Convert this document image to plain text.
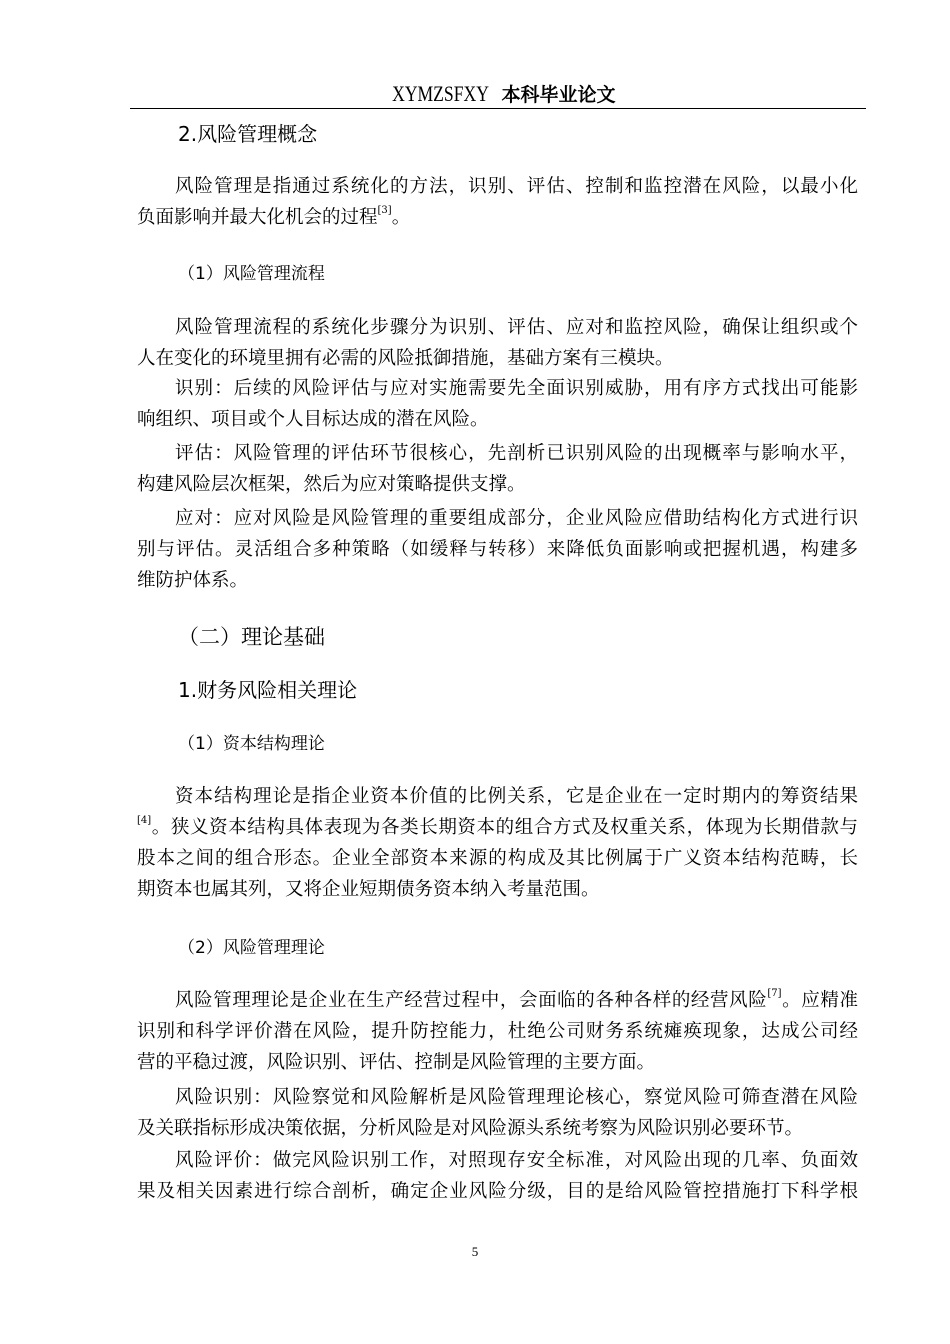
XYMZSFXY 本科毕业论文
2.风险管理概念
风险管理是指通过系统化的方法，识别、评估、控制和监控潜在风险，以最小化
负面影响并最大化机会的过程[3]。
（1）风险管理流程
风险管理流程的系统化步骤分为识别、评估、应对和监控风险，确保让组织或个
人在变化的环境里拥有必需的风险抵御措施，基础方案有三模块。
识别：后续的风险评估与应对实施需要先全面识别威胁，用有序方式找出可能影
响组织、项目或个人目标达成的潜在风险。
评估：风险管理的评估环节很核心，先剖析已识别风险的出现概率与影响水平，
构建风险层次框架，然后为应对策略提供支撑。
应对：应对风险是风险管理的重要组成部分，企业风险应借助结构化方式进行识
别与评估。灵活组合多种策略（如缓释与转移）来降低负面影响或把握机遇，构建多
维防护体系。
（二）理论基础
1.财务风险相关理论
（1）资本结构理论
资本结构理论是指企业资本价值的比例关系，它是企业在一定时期内的筹资结果
[4]。狭义资本结构具体表现为各类长期资本的组合方式及权重关系，体现为长期借款与
股本之间的组合形态。企业全部资本来源的构成及其比例属于广义资本结构范畴，长
期资本也属其列，又将企业短期债务资本纳入考量范围。
（2）风险管理理论
风险管理理论是企业在生产经营过程中，会面临的各种各样的经营风险[7]。应精准
识别和科学评价潜在风险，提升防控能力，杜绝公司财务系统瘫痪现象，达成公司经
营的平稳过渡，风险识别、评估、控制是风险管理的主要方面。
风险识别：风险察觉和风险解析是风险管理理论核心，察觉风险可筛查潜在风险
及关联指标形成决策依据，分析风险是对风险源头系统考察为风险识别必要环节。
风险评价：做完风险识别工作，对照现存安全标准，对风险出现的几率、负面效
果及相关因素进行综合剖析，确定企业风险分级，目的是给风险管控措施打下科学根
5
